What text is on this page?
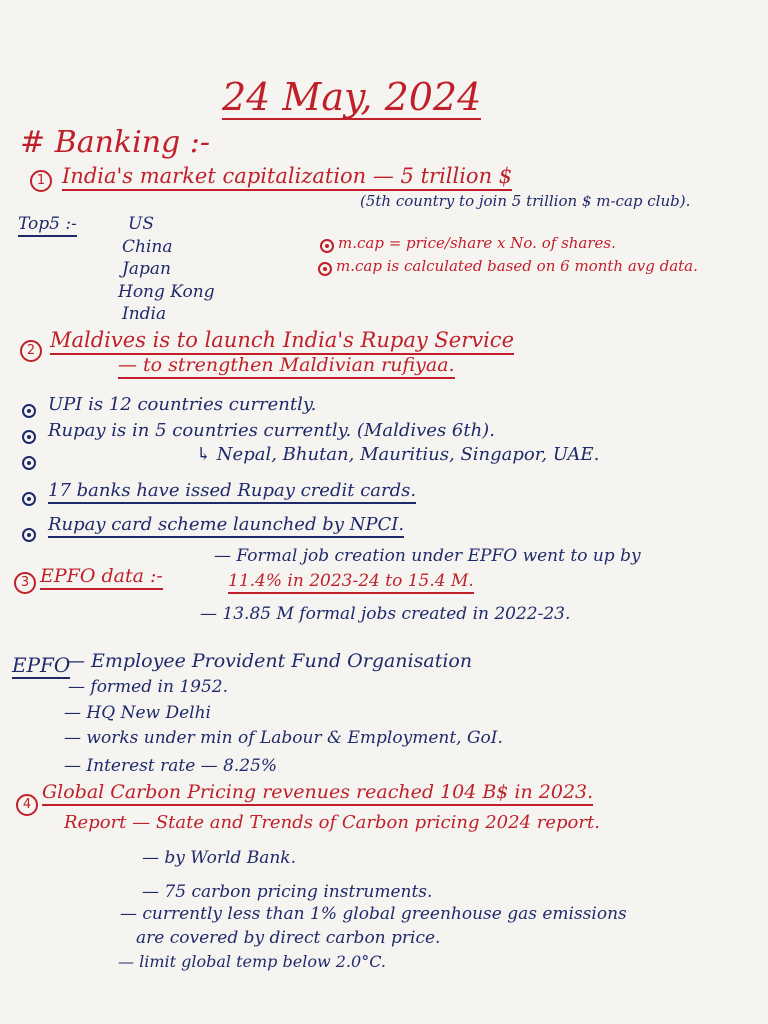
24 May, 2024
# Banking :-
1 India's market capitalization — 5 trillion $
(5th country to join 5 trillion $ m-cap club).
Top5 :-	US
China
Japan
Hong Kong
India
m.cap = price/share x No. of shares.
m.cap is calculated based on 6 month avg data.
2 Maldives is to launch India's Rupay Service
— to strengthen Maldivian rufiyaa.
UPI is 12 countries currently.
Rupay is in 5 countries currently. (Maldives 6th).
↳ Nepal, Bhutan, Mauritius, Singapor, UAE.
17 banks have issed Rupay credit cards.
Rupay card scheme launched by NPCI.
3 EPFO data :-
— Formal job creation under EPFO went to up by
11.4% in 2023-24 to 15.4 M.
— 13.85 M formal jobs created in 2022-23.
EPFO
— Employee Provident Fund Organisation
— formed in 1952.
— HQ New Delhi
— works under min of Labour & Employment, GoI.
— Interest rate — 8.25%
4
Global Carbon Pricing revenues reached 104 B$ in 2023.
Report — State and Trends of Carbon pricing 2024 report.
— by World Bank.
— 75 carbon pricing instruments.
— currently less than 1% global greenhouse gas emissions
are covered by direct carbon price.
— limit global temp below 2.0°C.
